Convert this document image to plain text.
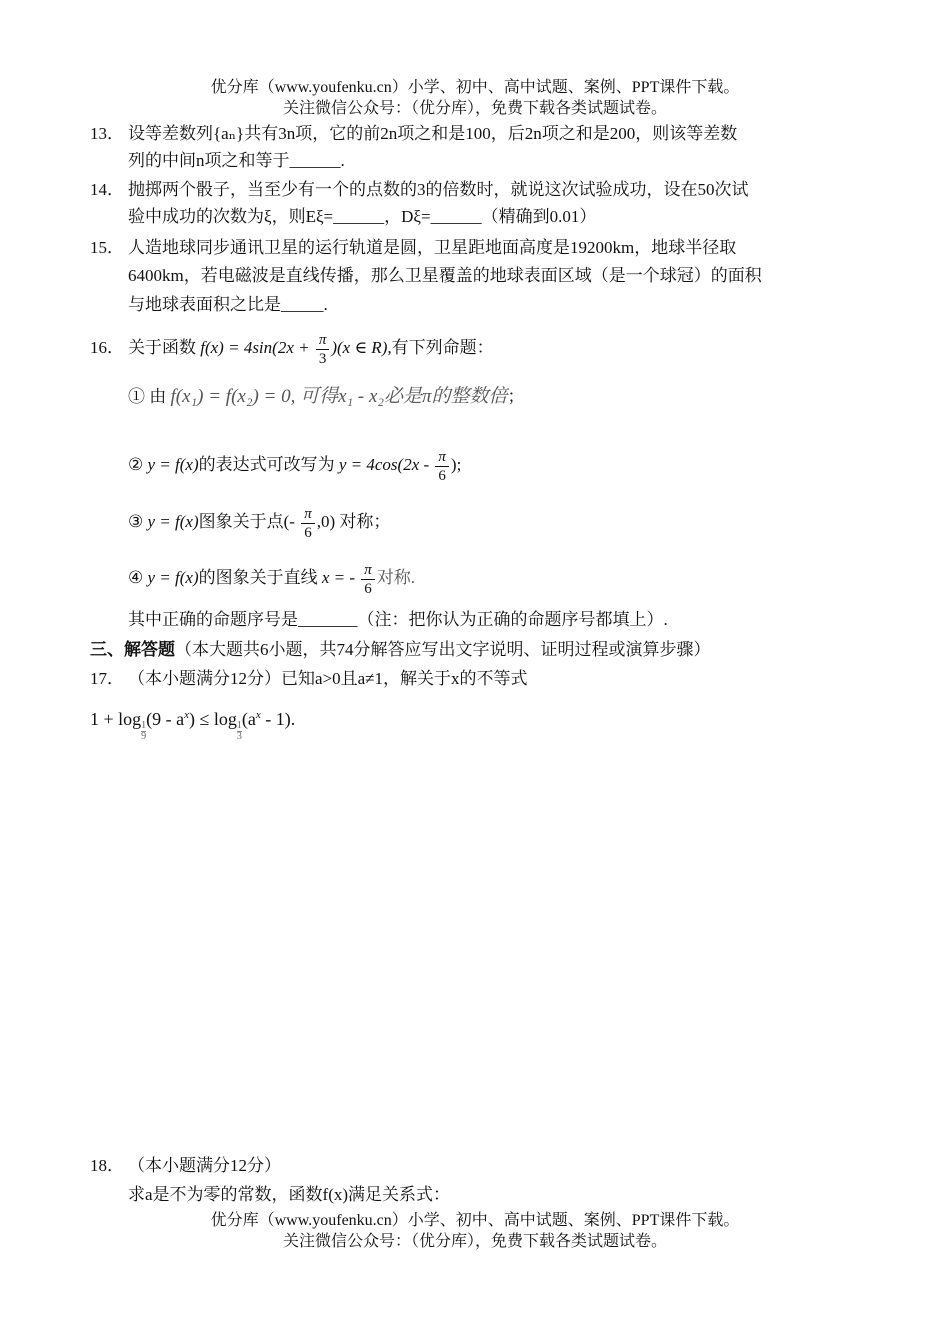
优分库（www.youfenku.cn）小学、初中、高中试题、案例、PPT课件下载。
关注微信公众号：（优分库），免费下载各类试题试卷。
13． 设等差数列{aₙ}共有3n项，它的前2n项之和是100，后2n项之和是200，则该等差数
列的中间n项之和等于______.
14． 抛掷两个骰子，当至少有一个的点数的3的倍数时，就说这次试验成功，设在50次试
验中成功的次数为ξ，则Eξ=______，Dξ=______（精确到0.01）
15． 人造地球同步通讯卫星的运行轨道是圆，卫星距地面高度是19200km，地球半径取
6400km，若电磁波是直线传播，那么卫星覆盖的地球表面区域（是一个球冠）的面积
与地球表面积之比是_____.
16． 关于函数 $f(x) = 4\sin(2x + \frac{\pi}{3} )(x$ ∈ R),有下列命题：
① 由 f(x₁) = f(x₂) = 0, 可得x₁ - x₂必是π的整数倍；
② y = f(x)的表达式可改写为 $y = 4\cos(2x - \frac{\pi}{6}$ );
③ y = f(x)图象关于点(- $\frac{\pi}{6} ,0$) 对称；
④ y = f(x)的图象关于直线 x = - $\frac{\pi}{6}$ 对称.
其中正确的命题序号是_______（注：把你认为正确的命题序号都填上）.
三、解答题（本大题共6小题，共74分解答应写出文字说明、证明过程或演算步骤）
17． （本小题满分12分）已知a>0且a≠1，解关于x的不等式
1 + log
$\frac{1}{9}$
$(9 - a^x) \le \log$
$\frac{1}{3}$
$(a^x - 1)$.
18． （本小题满分12分）
求a是不为零的常数，函数f(x)满足关系式：
优分库（www.youfenku.cn）小学、初中、高中试题、案例、PPT课件下载。
关注微信公众号：（优分库），免费下载各类试题试卷。
